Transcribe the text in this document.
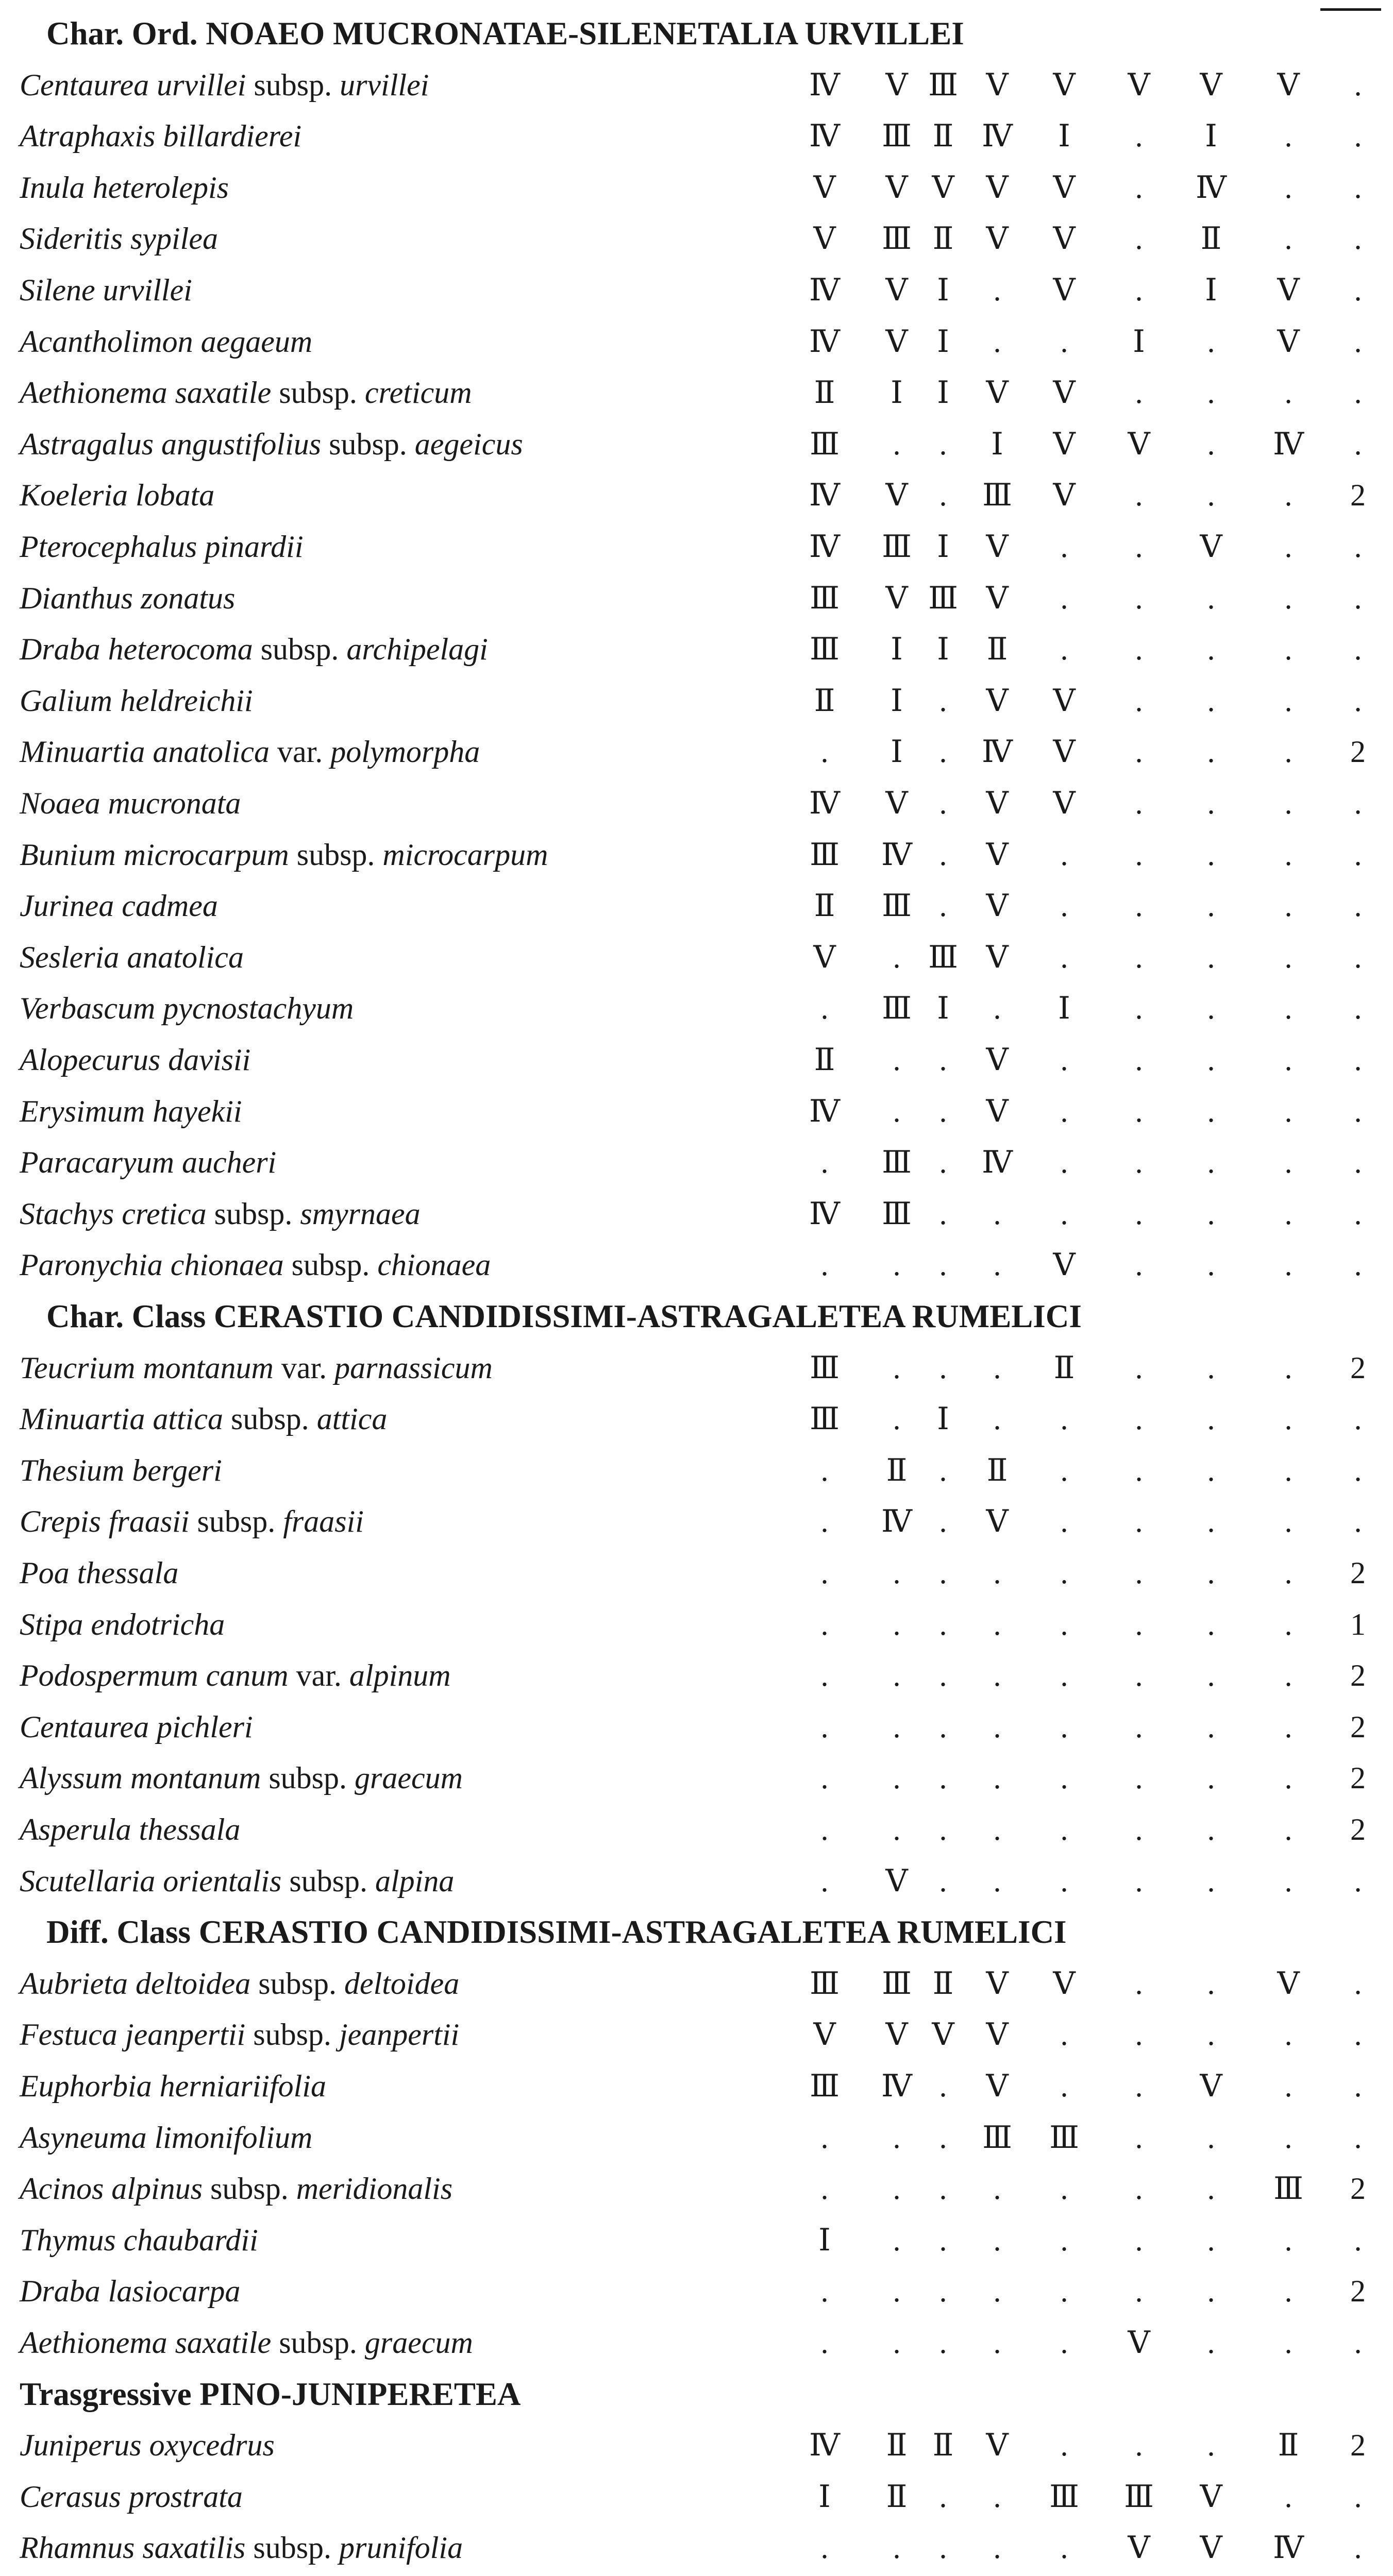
Char. Ord. NOAEO MUCRONATAE-SILENETALIA URVILLEI
Centaurea urvillei subsp. urvillei	Ⅳ	Ⅴ Ⅲ Ⅴ	Ⅴ	Ⅴ	Ⅴ	Ⅴ	.
Atraphaxis billardierei	Ⅳ	Ⅲ Ⅱ Ⅳ	Ⅰ	.	Ⅰ	.	.
Inula heterolepis	Ⅴ	Ⅴ Ⅴ	Ⅴ	Ⅴ	.	Ⅳ	.	.
Sideritis sypilea	Ⅴ	Ⅲ Ⅱ	Ⅴ	Ⅴ	.	Ⅱ	.	.
Silene urvillei	Ⅳ	Ⅴ Ⅰ	.	Ⅴ	.	Ⅰ	Ⅴ	.
Acantholimon aegaeum	Ⅳ	Ⅴ Ⅰ	.	.	Ⅰ	.	Ⅴ	.
Aethionema saxatile subsp. creticum	Ⅱ	Ⅰ	Ⅰ	Ⅴ	Ⅴ	.	.	.	.
Astragalus angustifolius subsp. aegeicus	Ⅲ	.	.	Ⅰ	Ⅴ	Ⅴ	.	Ⅳ	.
Koeleria lobata	Ⅳ	Ⅴ	.	Ⅲ	Ⅴ	.	.	.	2
Pterocephalus pinardii	Ⅳ	Ⅲ Ⅰ	Ⅴ	.	.	Ⅴ	.	.
Dianthus zonatus	Ⅲ	Ⅴ Ⅲ Ⅴ	.	.	.	.	.
Draba heterocoma subsp. archipelagi	Ⅲ	Ⅰ	Ⅰ	Ⅱ	.	.	.	.	.
Galium heldreichii	Ⅱ	Ⅰ	.	Ⅴ	Ⅴ	.	.	.	.
Minuartia anatolica var. polymorpha	.	Ⅰ	.	Ⅳ	Ⅴ	.	.	.	2
Noaea mucronata	Ⅳ	Ⅴ	.	Ⅴ	Ⅴ	.	.	.	.
Bunium microcarpum subsp. microcarpum	Ⅲ	Ⅳ .	Ⅴ	.	.	.	.	.
Jurinea cadmea	Ⅱ	Ⅲ .	Ⅴ	.	.	.	.	.
Sesleria anatolica	Ⅴ	. Ⅲ Ⅴ	.	.	.	.	.
Verbascum pycnostachyum	.	Ⅲ Ⅰ	.	Ⅰ	.	.	.	.
Alopecurus davisii	Ⅱ	.	.	Ⅴ	.	.	.	.	.
Erysimum hayekii	Ⅳ	.	.	Ⅴ	.	.	.	.	.
Paracaryum aucheri	.	Ⅲ .	Ⅳ	.	.	.	.	.
Stachys cretica subsp. smyrnaea	Ⅳ	Ⅲ .	.	.	.	.	.	.
Paronychia chionaea subsp. chionaea	.	.	.	.	Ⅴ	.	.	.	.
Char. Class CERASTIO CANDIDISSIMI-ASTRAGALETEA RUMELICI
Teucrium montanum var. parnassicum	Ⅲ	.	.	.	Ⅱ	.	.	.	2
Minuartia attica subsp. attica	Ⅲ	.	Ⅰ	.	.	.	.	.	.
Thesium bergeri	.	Ⅱ	.	Ⅱ	.	.	.	.	.
Crepis fraasii subsp. fraasii	.	Ⅳ .	Ⅴ	.	.	.	.	.
Poa thessala	.	.	.	.	.	.	.	.	2
Stipa endotricha	.	.	.	.	.	.	.	.	1
Podospermum canum var. alpinum	.	.	.	.	.	.	.	.	2
Centaurea pichleri	.	.	.	.	.	.	.	.	2
Alyssum montanum subsp. graecum	.	.	.	.	.	.	.	.	2
Asperula thessala	.	.	.	.	.	.	.	.	2
Scutellaria orientalis subsp. alpina	.	Ⅴ	.	.	.	.	.	.	.
Diff. Class CERASTIO CANDIDISSIMI-ASTRAGALETEA RUMELICI
Aubrieta deltoidea subsp. deltoidea	Ⅲ	Ⅲ Ⅱ	Ⅴ	Ⅴ	.	.	Ⅴ	.
Festuca jeanpertii subsp. jeanpertii	Ⅴ	Ⅴ Ⅴ	Ⅴ	.	.	.	.	.
Euphorbia herniariifolia	Ⅲ	Ⅳ .	Ⅴ	.	.	Ⅴ	.	.
Asyneuma limonifolium	.	.	.	Ⅲ	Ⅲ	.	.	.	.
Acinos alpinus subsp. meridionalis	.	.	.	.	.	.	.	Ⅲ	2
Thymus chaubardii	Ⅰ	.	.	.	.	.	.	.	.
Draba lasiocarpa	.	.	.	.	.	.	.	.	2
Aethionema saxatile subsp. graecum	.	.	.	.	.	Ⅴ	.	.	.
Trasgressive PINO-JUNIPERETEA
Juniperus oxycedrus	Ⅳ	Ⅱ Ⅱ	Ⅴ	.	.	.	Ⅱ	2
Cerasus prostrata	Ⅰ	Ⅱ	.	.	Ⅲ	Ⅲ	Ⅴ	.	.
Rhamnus saxatilis subsp. prunifolia	.	.	.	.	.	Ⅴ	Ⅴ	Ⅳ	.
